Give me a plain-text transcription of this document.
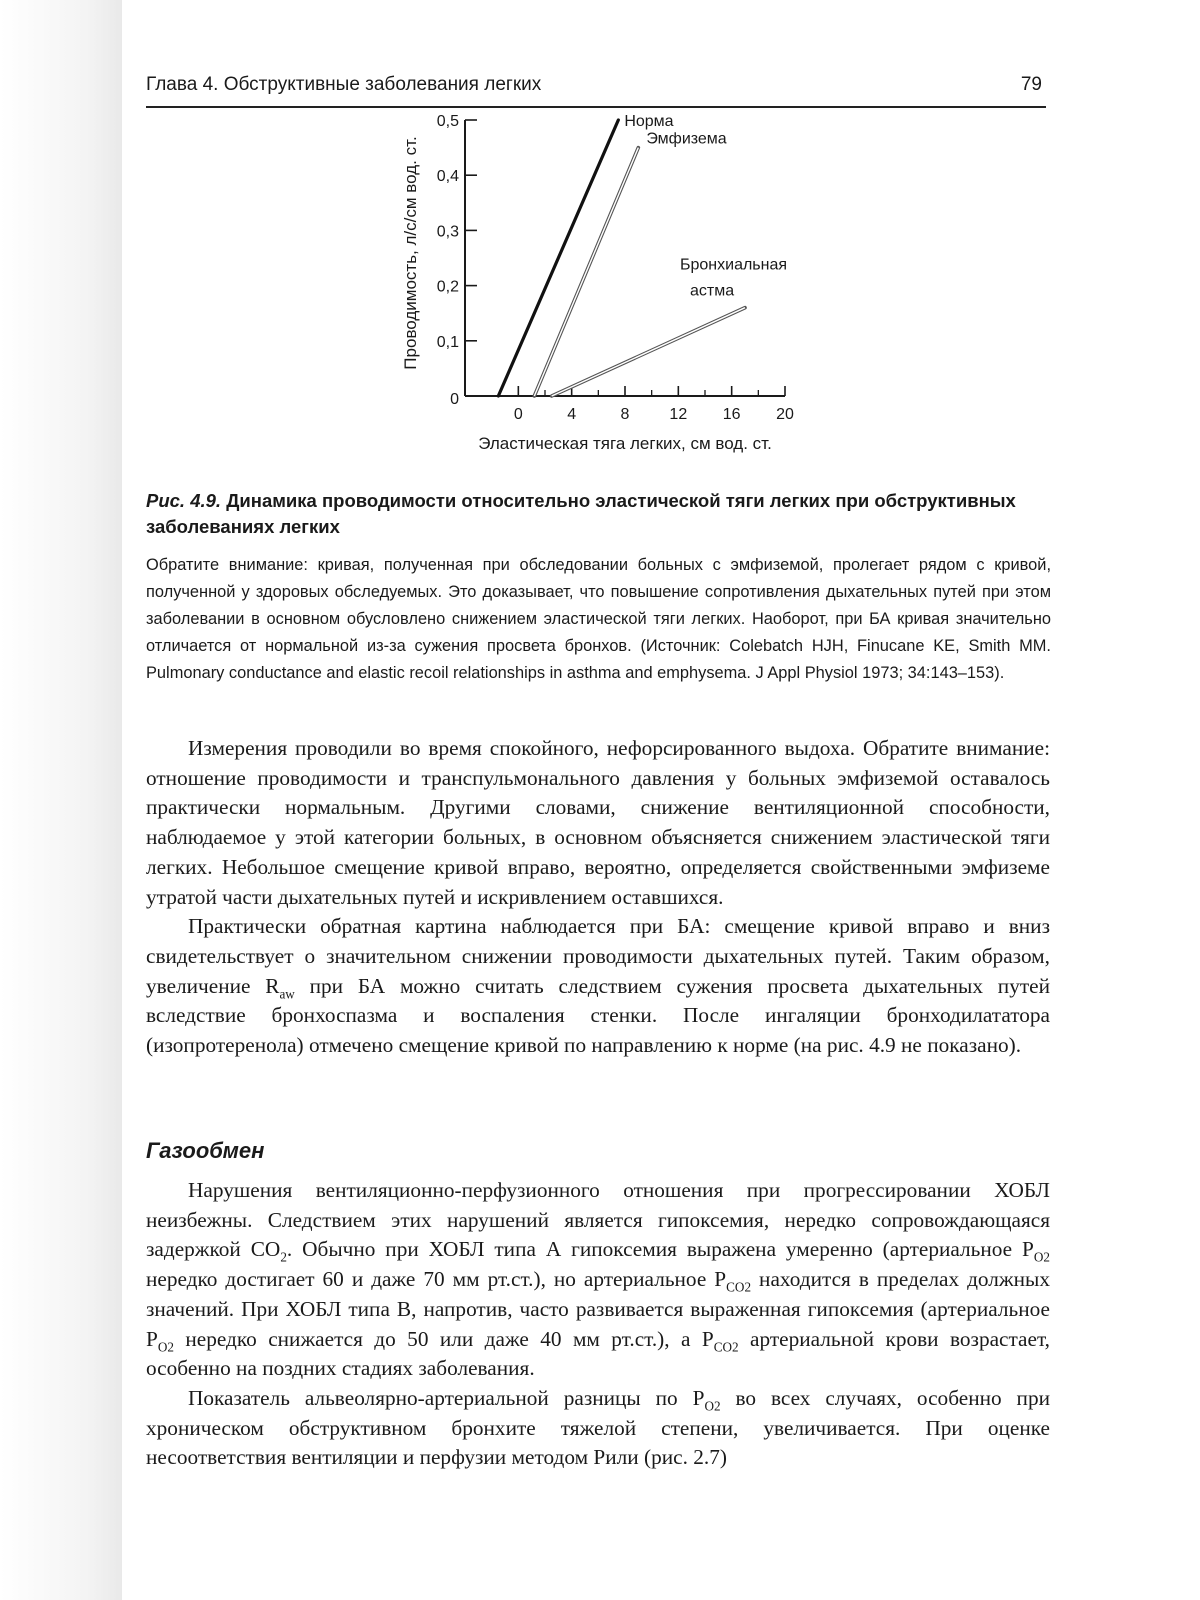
Глава 4. Обструктивные заболевания легких	79
0
0,1
0,2
0,3
0,4
0,5
0	4	8 12 16 20
Проводимость, л/с/см вод. ст.
Эластическая тяга легких, см вод. ст.
Норма
Эмфизема
Бронхиальная
астма
Рис. 4.9. Динамика проводимости относительно эластической тяги легких при обструктивных заболеваниях легких
Обратите внимание: кривая, полученная при обследовании больных с эмфиземой, пролегает рядом с кривой, полученной у здоровых обследуемых. Это доказывает, что повышение сопротивления дыхательных путей при этом заболевании в основном обусловлено снижением эластической тяги легких. Наоборот, при БА кривая значительно отличается от нормальной из-за сужения просвета бронхов. (Источник: Colebatch HJH, Finucane KE, Smith MM. Pulmonary conductance and elastic recoil relationships in asthma and emphysema. J Appl Physiol 1973; 34:143–153).

Измерения проводили во время спокойного, нефорсированного выдоха. Обратите внимание: отношение проводимости и транспульмонального давления у больных эмфиземой оставалось практически нормальным. Другими словами, снижение вентиляционной способности, наблюдаемое у этой категории больных, в основном объясняется снижением эластической тяги легких. Небольшое смещение кривой вправо, вероятно, определяется свойственными эмфиземе утратой части дыхательных путей и искривлением оставшихся.

Практически обратная картина наблюдается при БА: смещение кривой вправо и вниз свидетельствует о значительном снижении проводимости дыхательных путей. Таким образом, увеличение $R_{aw}$ при БА можно считать следствием сужения просвета дыхательных путей вследствие бронхоспазма и воспаления стенки. После ингаляции бронходилататора (изопротеренола) отмечено смещение кривой по направлению к норме (на рис. 4.9 не показано).

Газообмен

Нарушения вентиляционно-перфузионного отношения при прогрессировании ХОБЛ неизбежны. Следствием этих нарушений является гипоксемия, нередко сопровождающаяся задержкой $CO_2$. Обычно при ХОБЛ типа А гипоксемия выражена умеренно (артериальное $P_{O2}$ нередко достигает 60 и даже 70 мм рт.ст.), но артериальное $P_{CO2}$ находится в пределах должных значений. При ХОБЛ типа В, напротив, часто развивается выраженная гипоксемия (артериальное $P_{O2}$ нередко снижается до 50 или даже 40 мм рт.ст.), а $P_{CO2}$ артериальной крови возрастает, особенно на поздних стадиях заболевания.

Показатель альвеолярно-артериальной разницы по $P_{O2}$ во всех случаях, особенно при хроническом обструктивном бронхите тяжелой степени, увеличивается. При оценке несоответствия вентиляции и перфузии методом Рили (рис. 2.7)
